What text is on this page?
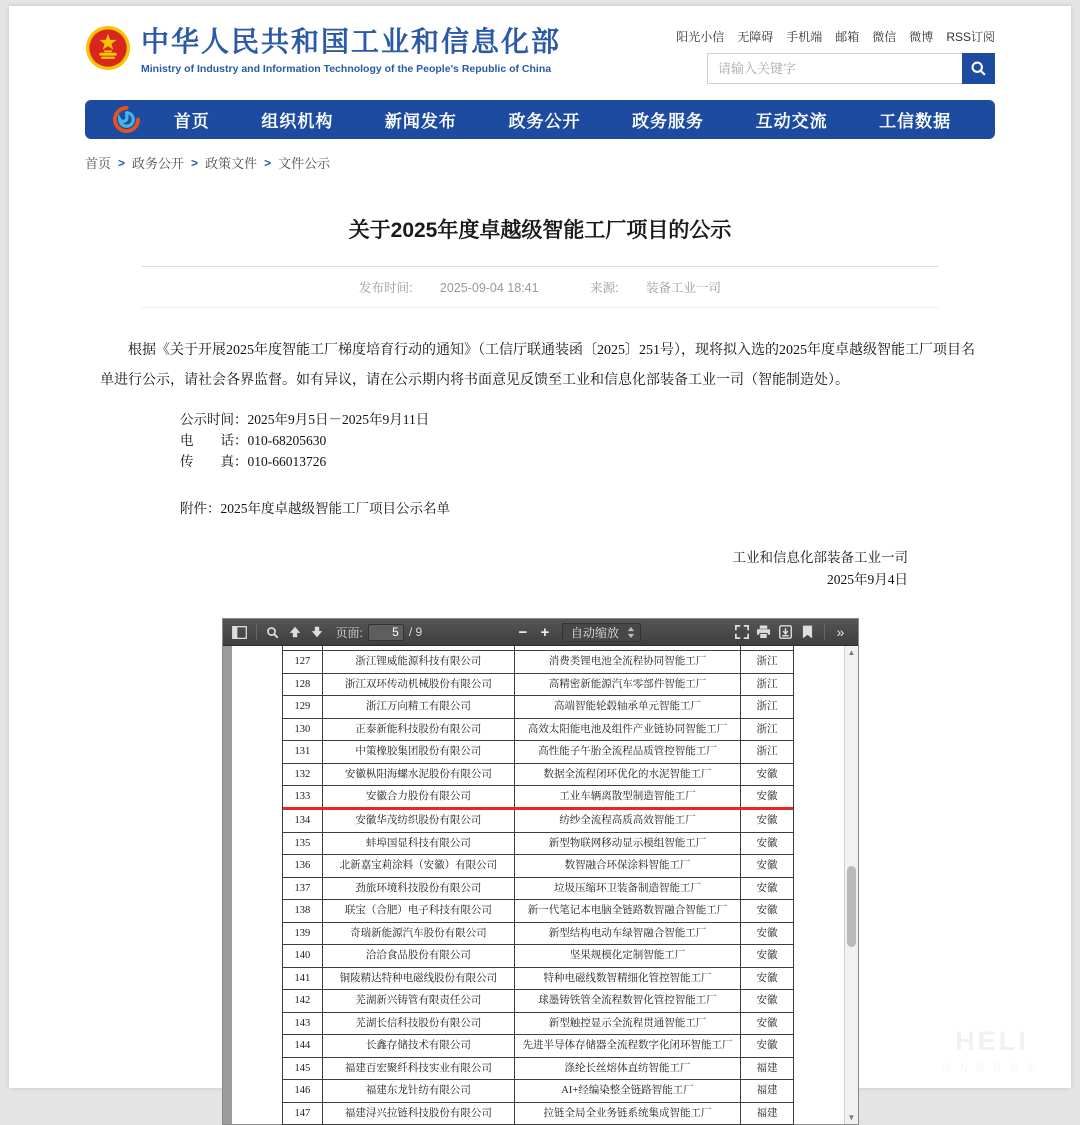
中华人民共和国工业和信息化部
Ministry of Industry and Information Technology of the People's Republic of China
阳光小信 无障碍 手机端 邮箱 微信 微博 RSS订阅
请输入关键字
首页	组织机构	新闻发布	政务公开	政务服务	互动交流	工信数据
首页 > 政务公开 > 政策文件 > 文件公示
关于2025年度卓越级智能工厂项目的公示
发布时间: 2025-09-04 18:41	来源: 装备工业一司

根据《关于开展2025年度智能工厂梯度培育行动的通知》（工信厅联通装函〔2025〕251号），现将拟入选的2025年度卓越级智能工厂项目名单进行公示，请社会各界监督。如有异议，请在公示期内将书面意见反馈至工业和信息化部装备工业一司（智能制造处）。

公示时间：2025年9月5日－2025年9月11日
电　　话：010-68205630
传　　真：010-66013726
附件：2025年度卓越级智能工厂项目公示名单
工业和信息化部装备工业一司
2025年9月4日
页面:
5	/ 9	− +	自动缩放	»
127	浙江锂威能源科技有限公司	消费类锂电池全流程协同智能工厂	浙江
128	浙江双环传动机械股份有限公司	高精密新能源汽车零部件智能工厂	浙江
129	浙江万向精工有限公司	高端智能轮毂轴承单元智能工厂	浙江
130	正泰新能科技股份有限公司	高效太阳能电池及组件产业链协同智能工厂	浙江
131	中策橡胶集团股份有限公司	高性能子午胎全流程品质管控智能工厂	浙江
132	安徽枞阳海螺水泥股份有限公司	数据全流程闭环优化的水泥智能工厂	安徽
133	安徽合力股份有限公司	工业车辆离散型制造智能工厂	安徽
134	安徽华茂纺织股份有限公司	纺纱全流程高质高效智能工厂	安徽
135	蚌埠国显科技有限公司	新型物联网移动显示模组智能工厂	安徽
136	北新嘉宝莉涂料（安徽）有限公司	数智融合环保涂料智能工厂	安徽
137	劲旅环境科技股份有限公司	垃圾压缩环卫装备制造智能工厂	安徽
138	联宝（合肥）电子科技有限公司	新一代笔记本电脑全链路数智融合智能工厂	安徽
139	奇瑞新能源汽车股份有限公司	新型结构电动车绿智融合智能工厂	安徽
140	洽洽食品股份有限公司	坚果规模化定制智能工厂	安徽
141	铜陵精达特种电磁线股份有限公司	特种电磁线数智精细化管控智能工厂	安徽
142	芜湖新兴铸管有限责任公司	球墨铸铁管全流程数智化管控智能工厂	安徽
143	芜湖长信科技股份有限公司	新型触控显示全流程贯通智能工厂	安徽
144	长鑫存储技术有限公司	先进半导体存储器全流程数字化闭环智能工厂	安徽
145	福建百宏聚纤科技实业有限公司	涤纶长丝熔体直纺智能工厂	福建
146	福建东龙针纺有限公司	AI+经编染整全链路智能工厂	福建
147	福建浔兴拉链科技股份有限公司	拉链全局全业务链系统集成智能工厂	福建
▲
▼
HELI
合力提升未来
